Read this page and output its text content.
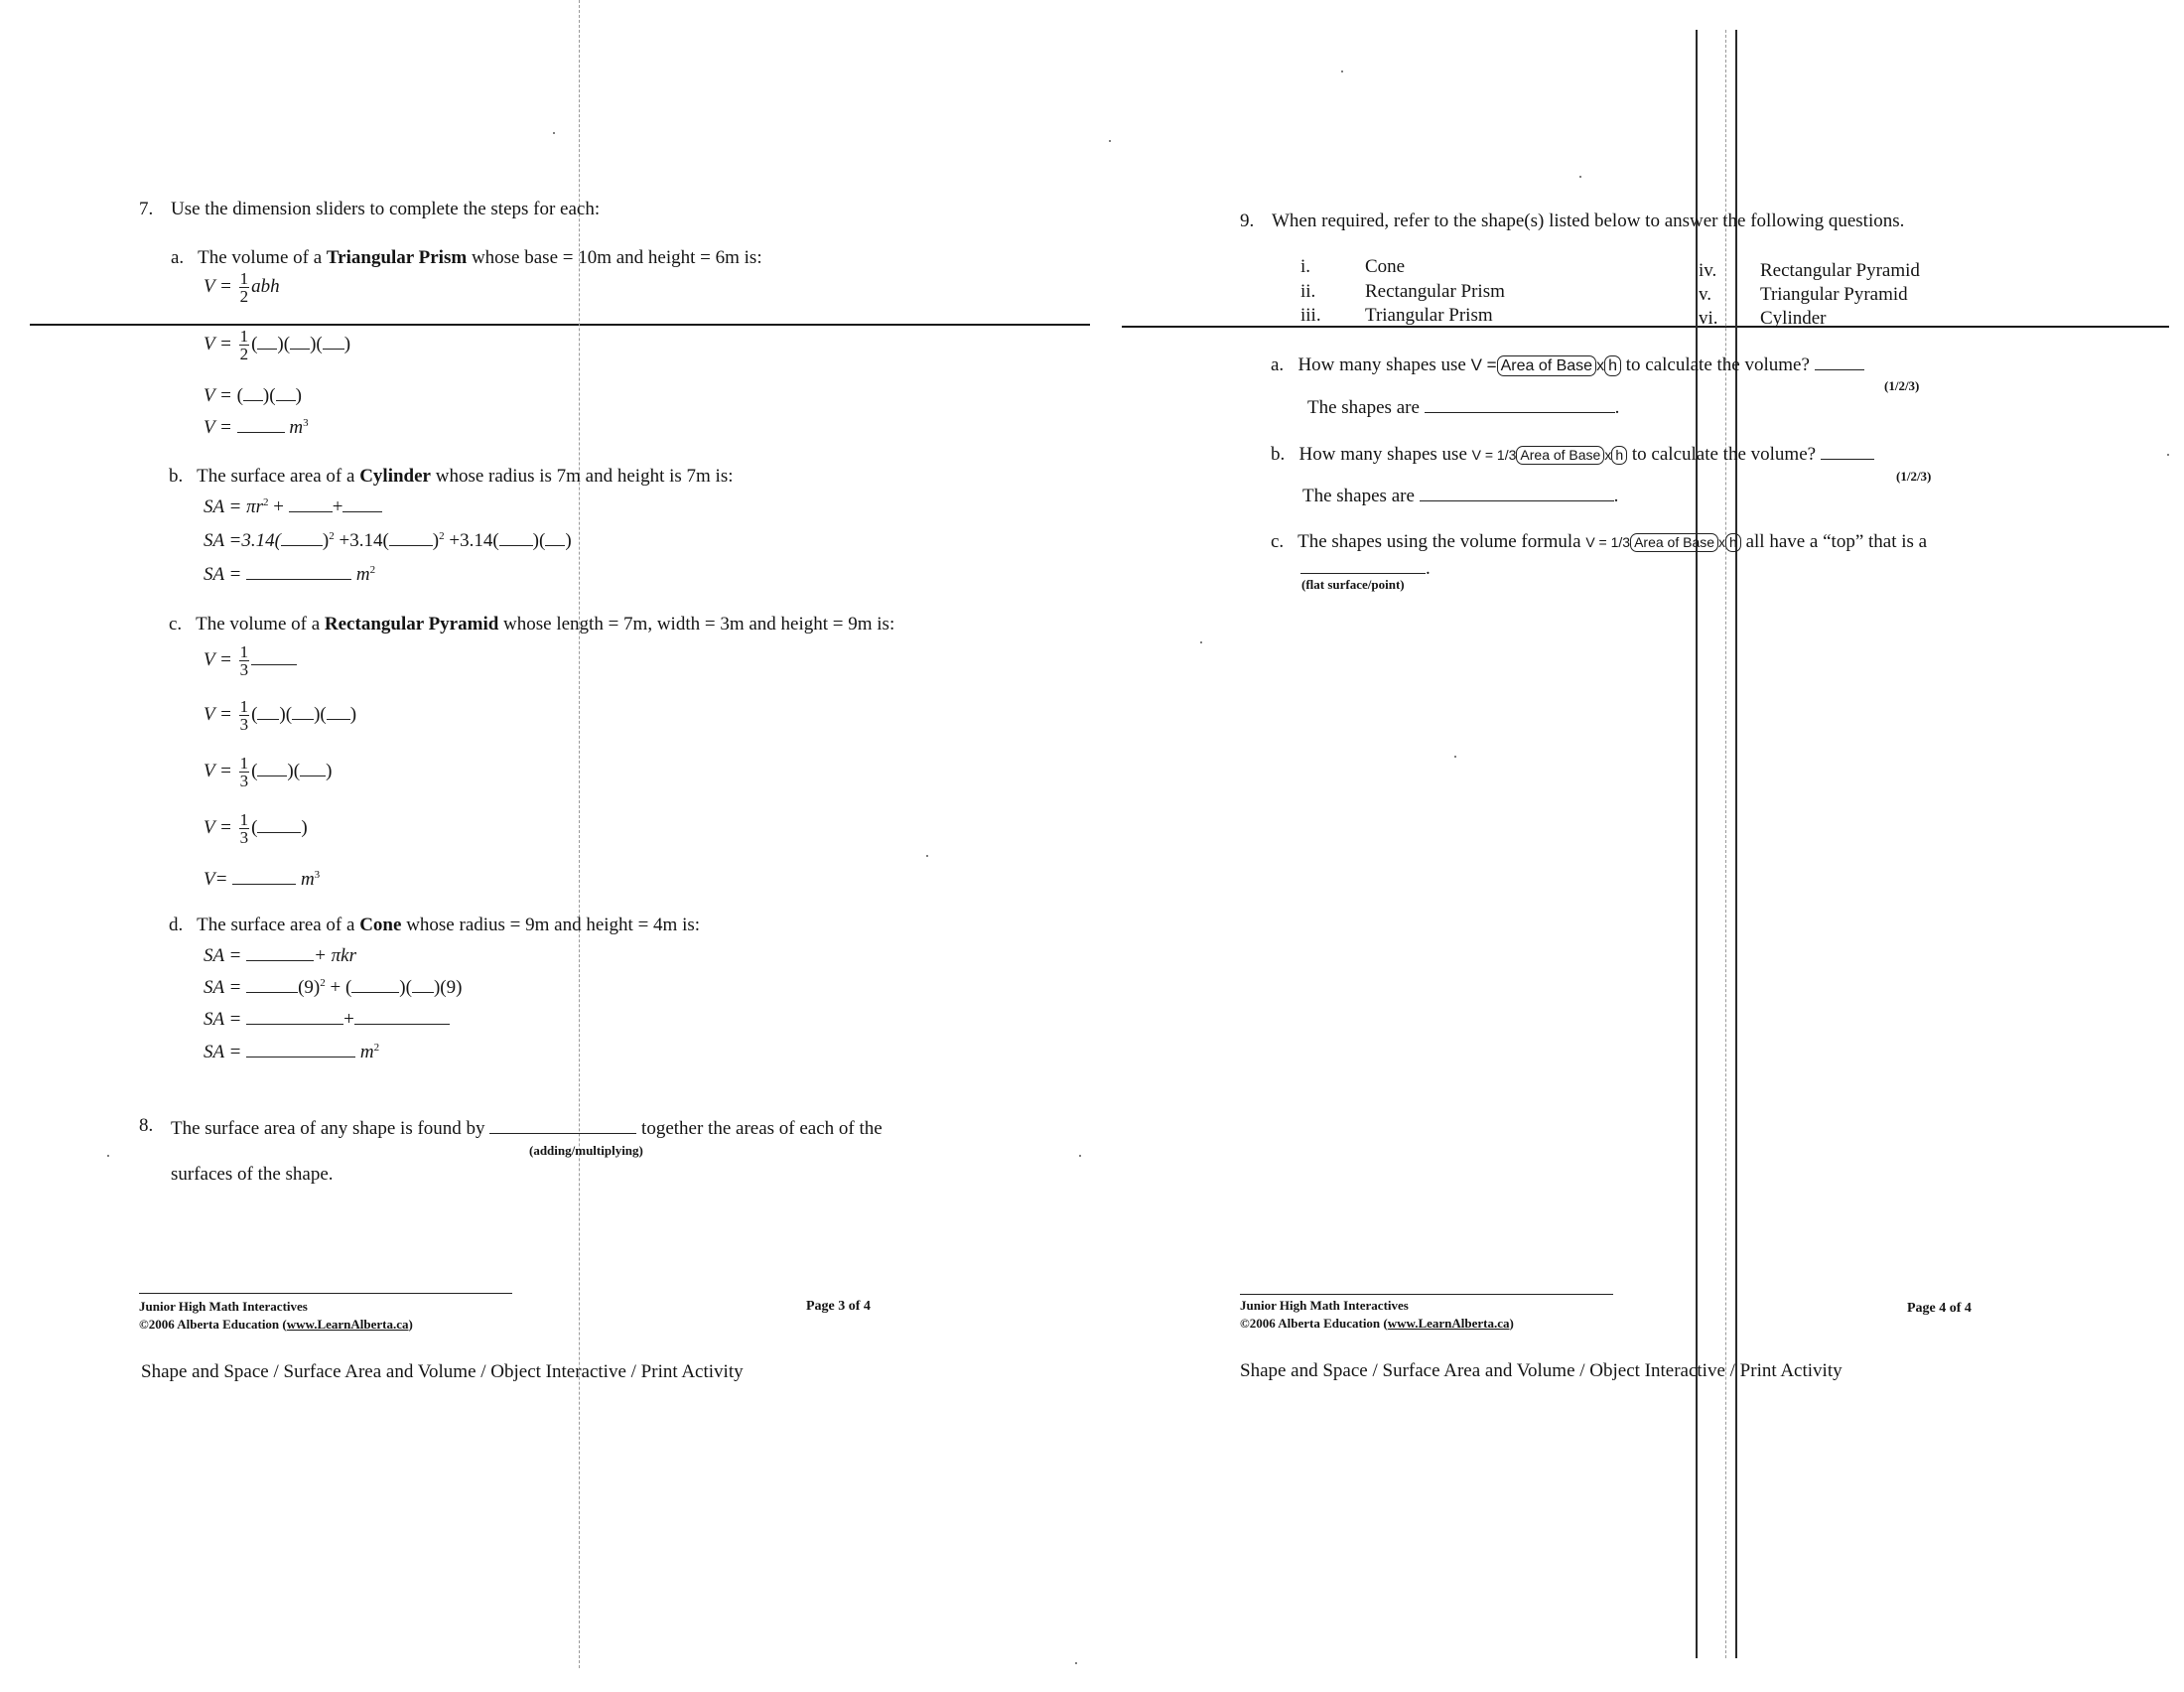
7. Use the dimension sliders to complete the steps for each:
a. The volume of a Triangular Prism whose base = 10m and height = 6m is:
$V = \frac{1}{2}$ abh
$V = \frac{1}{2}$ ( )( )( )
V = ( )( )
V =	$m^3$
b. The surface area of a Cylinder whose radius is 7m and height is 7m is:
SA = $\pi r^2$ +	+
SA =3.14( )$^2$ +3.14( )$^2$ +3.14( )( )
SA =	$m^2$
c. The volume of a Rectangular Pyramid whose length = 7m, width = 3m and height = 9m is:
$V = \frac{1}{3}$
$V = \frac{1}{3}$ ( )( )( )
$V = \frac{1}{3}$ ( )( )
$V = \frac{1}{3}$ ( )
V=	$m^3$
d. The surface area of a Cone whose radius = 9m and height = 4m is:
SA =	+ πkr
SA =	$(9)^2$ + (	)( )(9)
SA =	+
SA =	$m^2$
8. The surface area of any shape is found by	together the areas of each of the
(adding/multiplying)
surfaces of the shape.
Junior High Math Interactives
©2006 Alberta Education (www.LearnAlberta.ca)
Page 3 of 4
Shape and Space / Surface Area and Volume / Object Interactive / Print Activity
9. When required, refer to the shape(s) listed below to answer the following questions.
i.	Cone
ii.	Rectangular Prism
iii. Triangular Prism
iv. Rectangular Pyramid
v.	Triangular Pyramid
vi. Cylinder
a. How many shapes use V = Area of Base x h to calculate the volume?
(1/2/3)
The shapes are	.
b. How many shapes use V = 1/3 Area of Base x h to calculate the volume?
(1/2/3)
The shapes are	.
c. The shapes using the volume formula V = 1/3 Area of Base x h all have a “top” that is a
.
(flat surface/point)
Junior High Math Interactives
©2006 Alberta Education (www.LearnAlberta.ca)
Page 4 of 4
Shape and Space / Surface Area and Volume / Object Interactive / Print Activity
